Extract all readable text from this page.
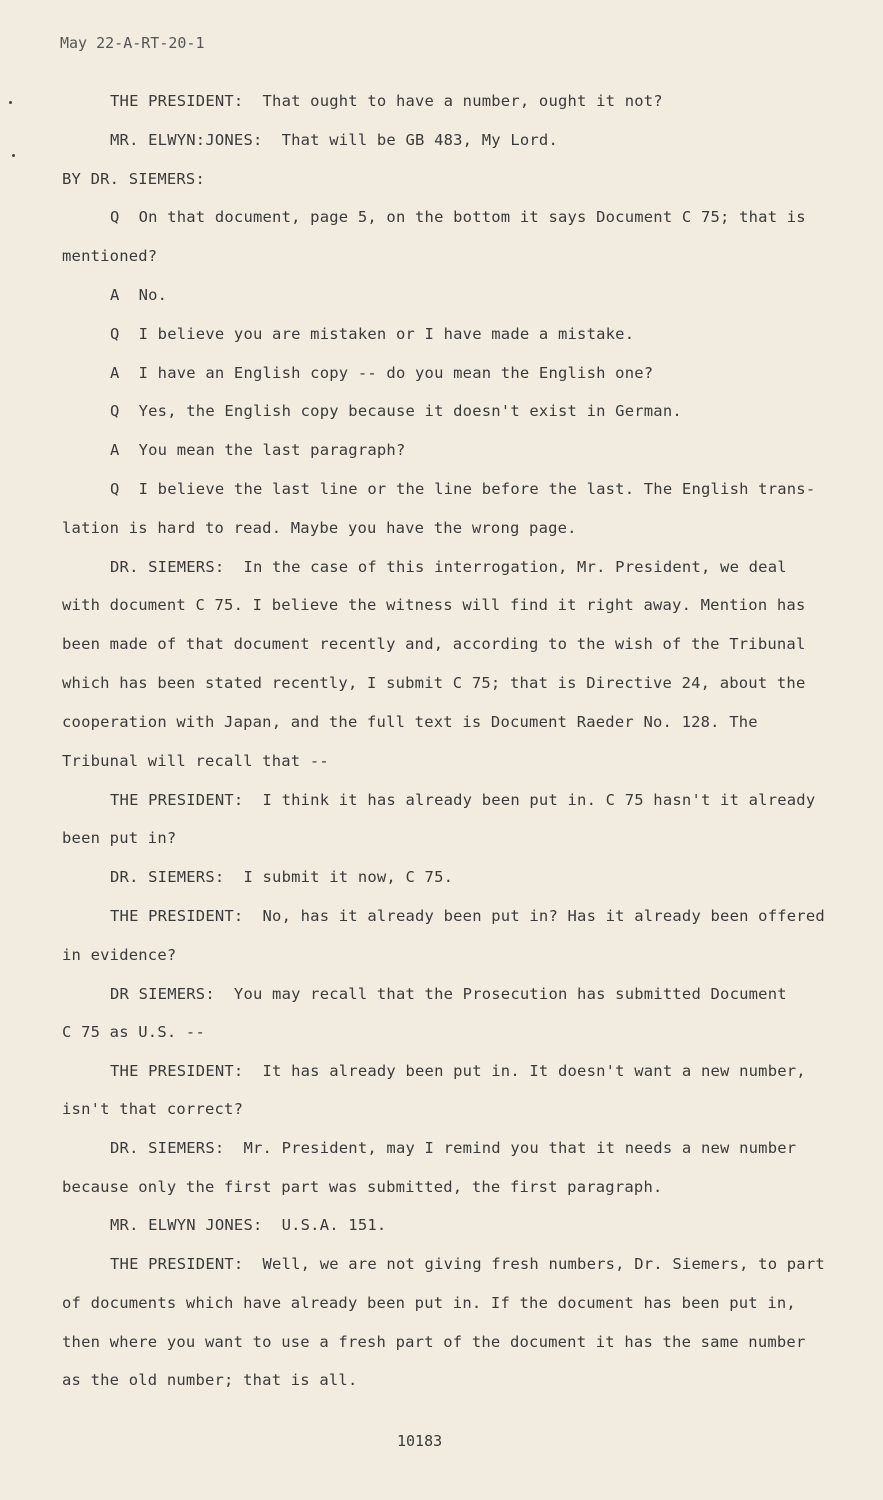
May 22-A-RT-20-1
THE PRESIDENT:  That ought to have a number, ought it not?
MR. ELWYN:JONES:  That will be GB 483, My Lord.
BY DR. SIEMERS:
Q  On that document, page 5, on the bottom it says Document C 75; that is
mentioned?
A  No.
Q  I believe you are mistaken or I have made a mistake.
A  I have an English copy -- do you mean the English one?
Q  Yes, the English copy because it doesn't exist in German.
A  You mean the last paragraph?
Q  I believe the last line or the line before the last. The English trans-
lation is hard to read. Maybe you have the wrong page.
DR. SIEMERS:  In the case of this interrogation, Mr. President, we deal
with document C 75. I believe the witness will find it right away. Mention has
been made of that document recently and, according to the wish of the Tribunal
which has been stated recently, I submit C 75; that is Directive 24, about the
cooperation with Japan, and the full text is Document Raeder No. 128. The
Tribunal will recall that --
THE PRESIDENT:  I think it has already been put in. C 75 hasn't it already
been put in?
DR. SIEMERS:  I submit it now, C 75.
THE PRESIDENT:  No, has it already been put in? Has it already been offered
in evidence?
DR SIEMERS:  You may recall that the Prosecution has submitted Document
C 75 as U.S. --
THE PRESIDENT:  It has already been put in. It doesn't want a new number,
isn't that correct?
DR. SIEMERS:  Mr. President, may I remind you that it needs a new number
because only the first part was submitted, the first paragraph.
MR. ELWYN JONES:  U.S.A. 151.
THE PRESIDENT:  Well, we are not giving fresh numbers, Dr. Siemers, to part
of documents which have already been put in. If the document has been put in,
then where you want to use a fresh part of the document it has the same number
as the old number; that is all.
10183
